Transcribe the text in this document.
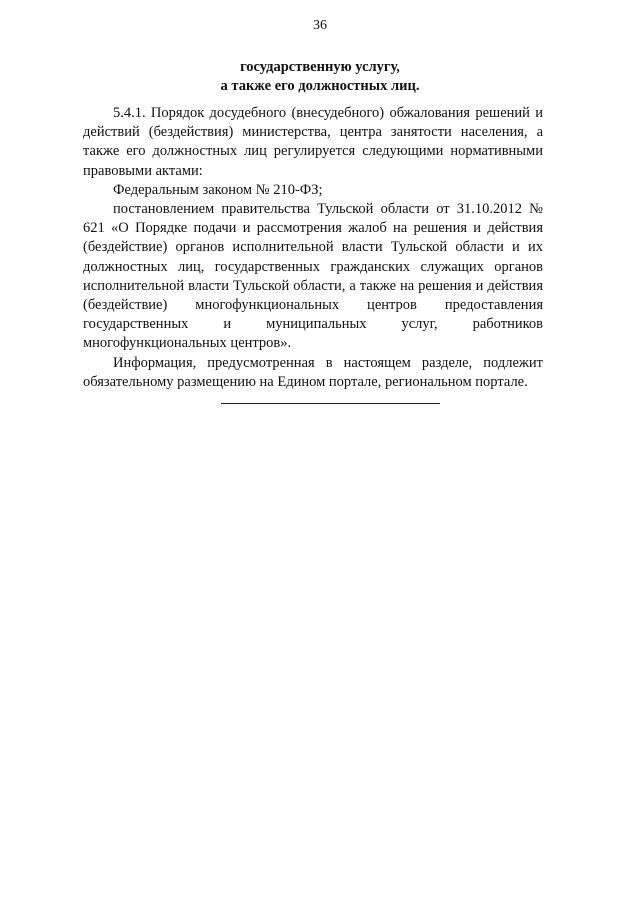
36
государственную услугу,
а также его должностных лиц.

5.4.1. Порядок досудебного (внесудебного) обжалования решений и действий (бездействия) министерства, центра занятости населения, а также его должностных лиц регулируется следующими нормативными правовыми актами:

Федеральным законом № 210-ФЗ;

постановлением правительства Тульской области от 31.10.2012 № 621 «О Порядке подачи и рассмотрения жалоб на решения и действия (бездействие) органов исполнительной власти Тульской области и их должностных лиц, государственных гражданских служащих органов исполнительной власти Тульской области, а также на решения и действия (бездействие) многофункциональных центров предоставления государственных и муниципальных услуг, работников многофункциональных центров».

Информация, предусмотренная в настоящем разделе, подлежит обязательному размещению на Едином портале, региональном портале.
